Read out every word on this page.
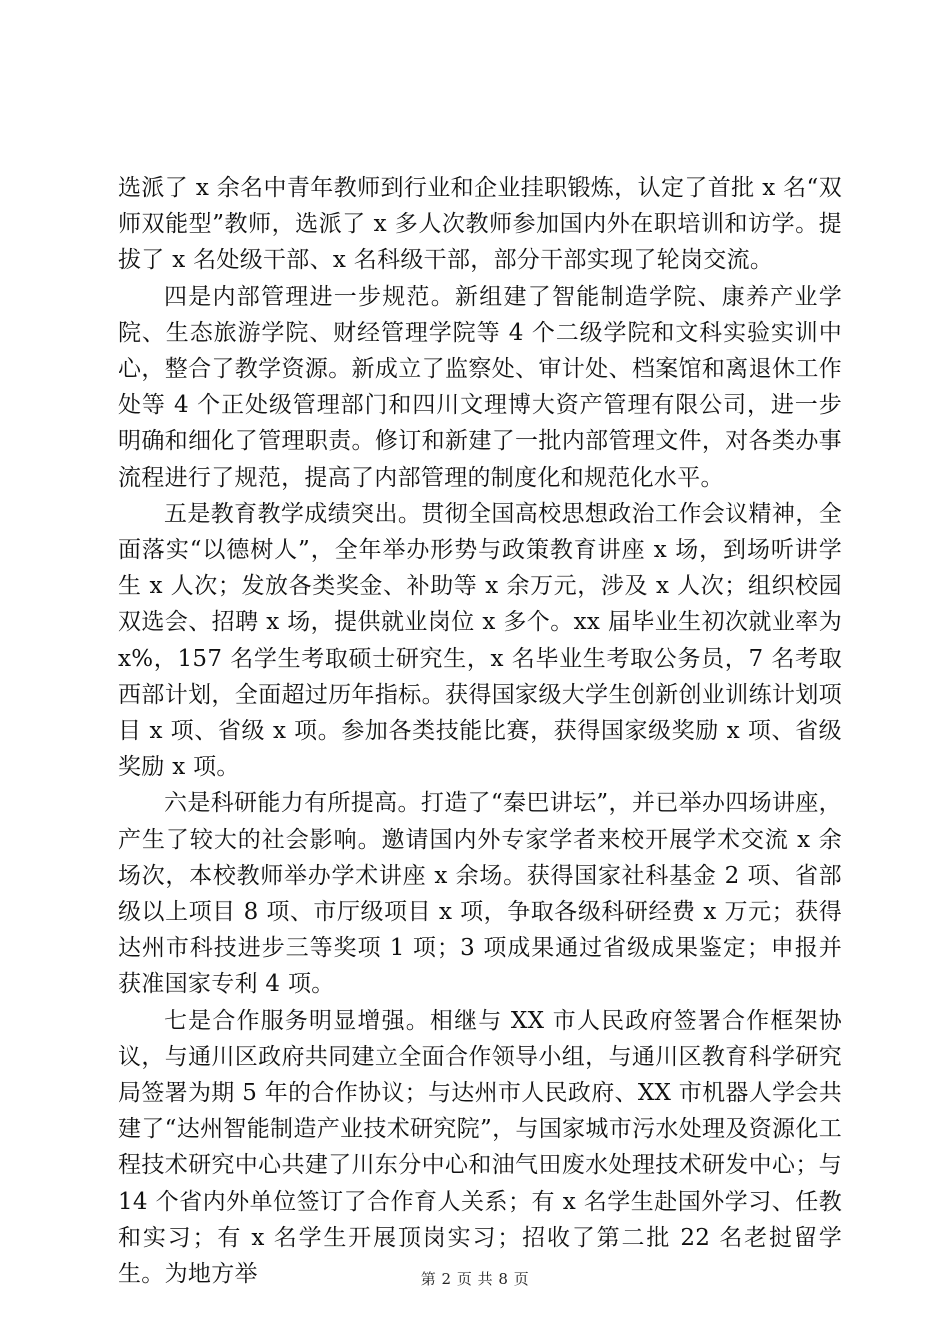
选派了 x 余名中青年教师到行业和企业挂职锻炼，认定了首批 x 名“双师双能型”教师，选派了 x 多人次教师参加国内外在职培训和访学。提拔了 x 名处级干部、x 名科级干部，部分干部实现了轮岗交流。

四是内部管理进一步规范。新组建了智能制造学院、康养产业学院、生态旅游学院、财经管理学院等 4 个二级学院和文科实验实训中心，整合了教学资源。新成立了监察处、审计处、档案馆和离退休工作处等 4 个正处级管理部门和四川文理博大资产管理有限公司，进一步明确和细化了管理职责。修订和新建了一批内部管理文件，对各类办事流程进行了规范，提高了内部管理的制度化和规范化水平。

五是教育教学成绩突出。贯彻全国高校思想政治工作会议精神，全面落实“以德树人”，全年举办形势与政策教育讲座 x 场，到场听讲学生 x 人次；发放各类奖金、补助等 x 余万元，涉及 x 人次；组织校园双选会、招聘 x 场，提供就业岗位 x 多个。xx 届毕业生初次就业率为 x%，157 名学生考取硕士研究生，x 名毕业生考取公务员，7 名考取西部计划，全面超过历年指标。获得国家级大学生创新创业训练计划项目 x 项、省级 x 项。参加各类技能比赛，获得国家级奖励 x 项、省级奖励 x 项。

六是科研能力有所提高。打造了“秦巴讲坛”，并已举办四场讲座，产生了较大的社会影响。邀请国内外专家学者来校开展学术交流 x 余场次，本校教师举办学术讲座 x 余场。获得国家社科基金 2 项、省部级以上项目 8 项、市厅级项目 x 项，争取各级科研经费 x 万元；获得达州市科技进步三等奖项 1 项；3 项成果通过省级成果鉴定；申报并获准国家专利 4 项。

七是合作服务明显增强。相继与 XX 市人民政府签署合作框架协议，与通川区政府共同建立全面合作领导小组，与通川区教育科学研究局签署为期 5 年的合作协议；与达州市人民政府、XX 市机器人学会共建了“达州智能制造产业技术研究院”，与国家城市污水处理及资源化工程技术研究中心共建了川东分中心和油气田废水处理技术研发中心；与 14 个省内外单位签订了合作育人关系；有 x 名学生赴国外学习、任教和实习；有 x 名学生开展顶岗实习；招收了第二批 22 名老挝留学生。为地方举	第 2 页 共 8 页
